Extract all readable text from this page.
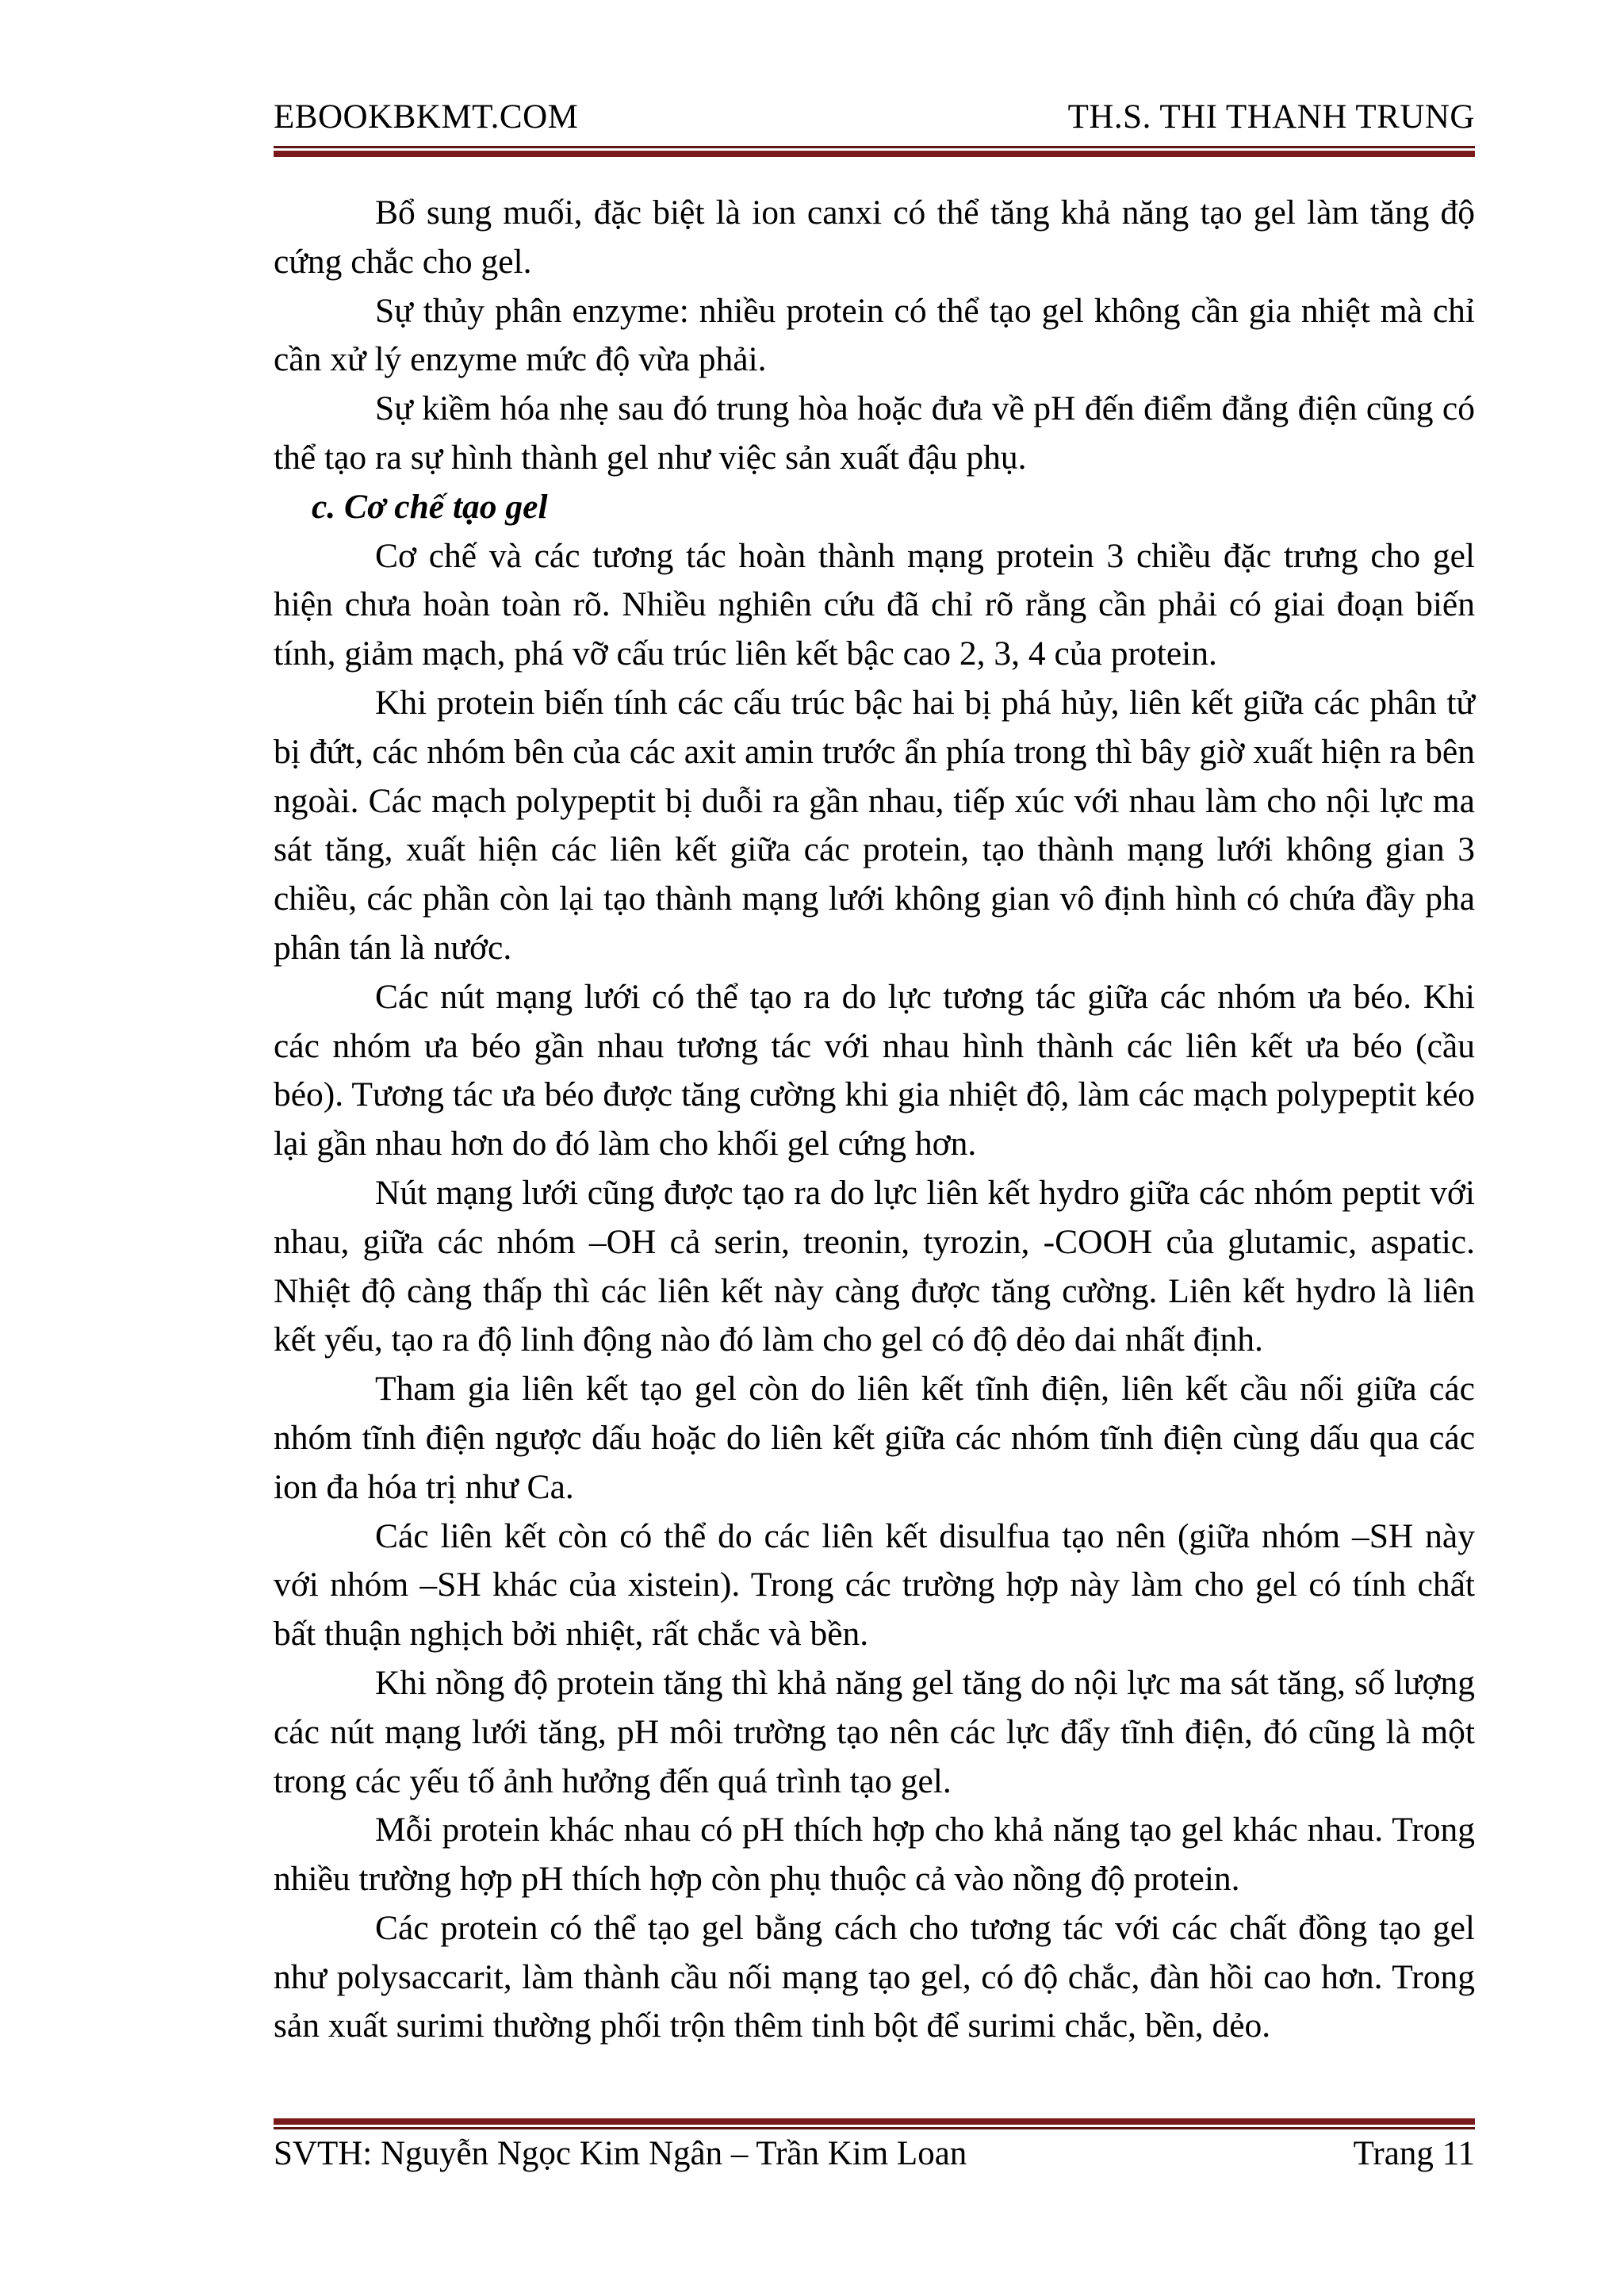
EBOOKBKMT.COM	TH.S. THI THANH TRUNG

Bổ sung muối, đặc biệt là ion canxi có thể tăng khả năng tạo gel làm tăng độ cứng chắc cho gel.

Sự thủy phân enzyme: nhiều protein có thể tạo gel không cần gia nhiệt mà chỉ cần xử lý enzyme mức độ vừa phải.

Sự kiềm hóa nhẹ sau đó trung hòa hoặc đưa về pH đến điểm đẳng điện cũng có thể tạo ra sự hình thành gel như việc sản xuất đậu phụ.

c. Cơ chế tạo gel

Cơ chế và các tương tác hoàn thành mạng protein 3 chiều đặc trưng cho gel hiện chưa hoàn toàn rõ. Nhiều nghiên cứu đã chỉ rõ rằng cần phải có giai đoạn biến tính, giảm mạch, phá vỡ cấu trúc liên kết bậc cao 2, 3, 4 của protein.

Khi protein biến tính các cấu trúc bậc hai bị phá hủy, liên kết giữa các phân tử bị đứt, các nhóm bên của các axit amin trước ẩn phía trong thì bây giờ xuất hiện ra bên ngoài. Các mạch polypeptit bị duỗi ra gần nhau, tiếp xúc với nhau làm cho nội lực ma sát tăng, xuất hiện các liên kết giữa các protein, tạo thành mạng lưới không gian 3 chiều, các phần còn lại tạo thành mạng lưới không gian vô định hình có chứa đầy pha phân tán là nước.

Các nút mạng lưới có thể tạo ra do lực tương tác giữa các nhóm ưa béo. Khi các nhóm ưa béo gần nhau tương tác với nhau hình thành các liên kết ưa béo (cầu béo). Tương tác ưa béo được tăng cường khi gia nhiệt độ, làm các mạch polypeptit kéo lại gần nhau hơn do đó làm cho khối gel cứng hơn.

Nút mạng lưới cũng được tạo ra do lực liên kết hydro giữa các nhóm peptit với nhau, giữa các nhóm –OH cả serin, treonin, tyrozin, -COOH của glutamic, aspatic. Nhiệt độ càng thấp thì các liên kết này càng được tăng cường. Liên kết hydro là liên kết yếu, tạo ra độ linh động nào đó làm cho gel có độ dẻo dai nhất định.

Tham gia liên kết tạo gel còn do liên kết tĩnh điện, liên kết cầu nối giữa các nhóm tĩnh điện ngược dấu hoặc do liên kết giữa các nhóm tĩnh điện cùng dấu qua các ion đa hóa trị như Ca.

Các liên kết còn có thể do các liên kết disulfua tạo nên (giữa nhóm –SH này với nhóm –SH khác của xistein). Trong các trường hợp này làm cho gel có tính chất bất thuận nghịch bởi nhiệt, rất chắc và bền.

Khi nồng độ protein tăng thì khả năng gel tăng do nội lực ma sát tăng, số lượng các nút mạng lưới tăng, pH môi trường tạo nên các lực đẩy tĩnh điện, đó cũng là một trong các yếu tố ảnh hưởng đến quá trình tạo gel.

Mỗi protein khác nhau có pH thích hợp cho khả năng tạo gel khác nhau. Trong nhiều trường hợp pH thích hợp còn phụ thuộc cả vào nồng độ protein.

Các protein có thể tạo gel bằng cách cho tương tác với các chất đồng tạo gel như polysaccarit, làm thành cầu nối mạng tạo gel, có độ chắc, đàn hồi cao hơn. Trong sản xuất surimi thường phối trộn thêm tinh bột để surimi chắc, bền, dẻo.

SVTH: Nguyễn Ngọc Kim Ngân – Trần Kim Loan	Trang 11
